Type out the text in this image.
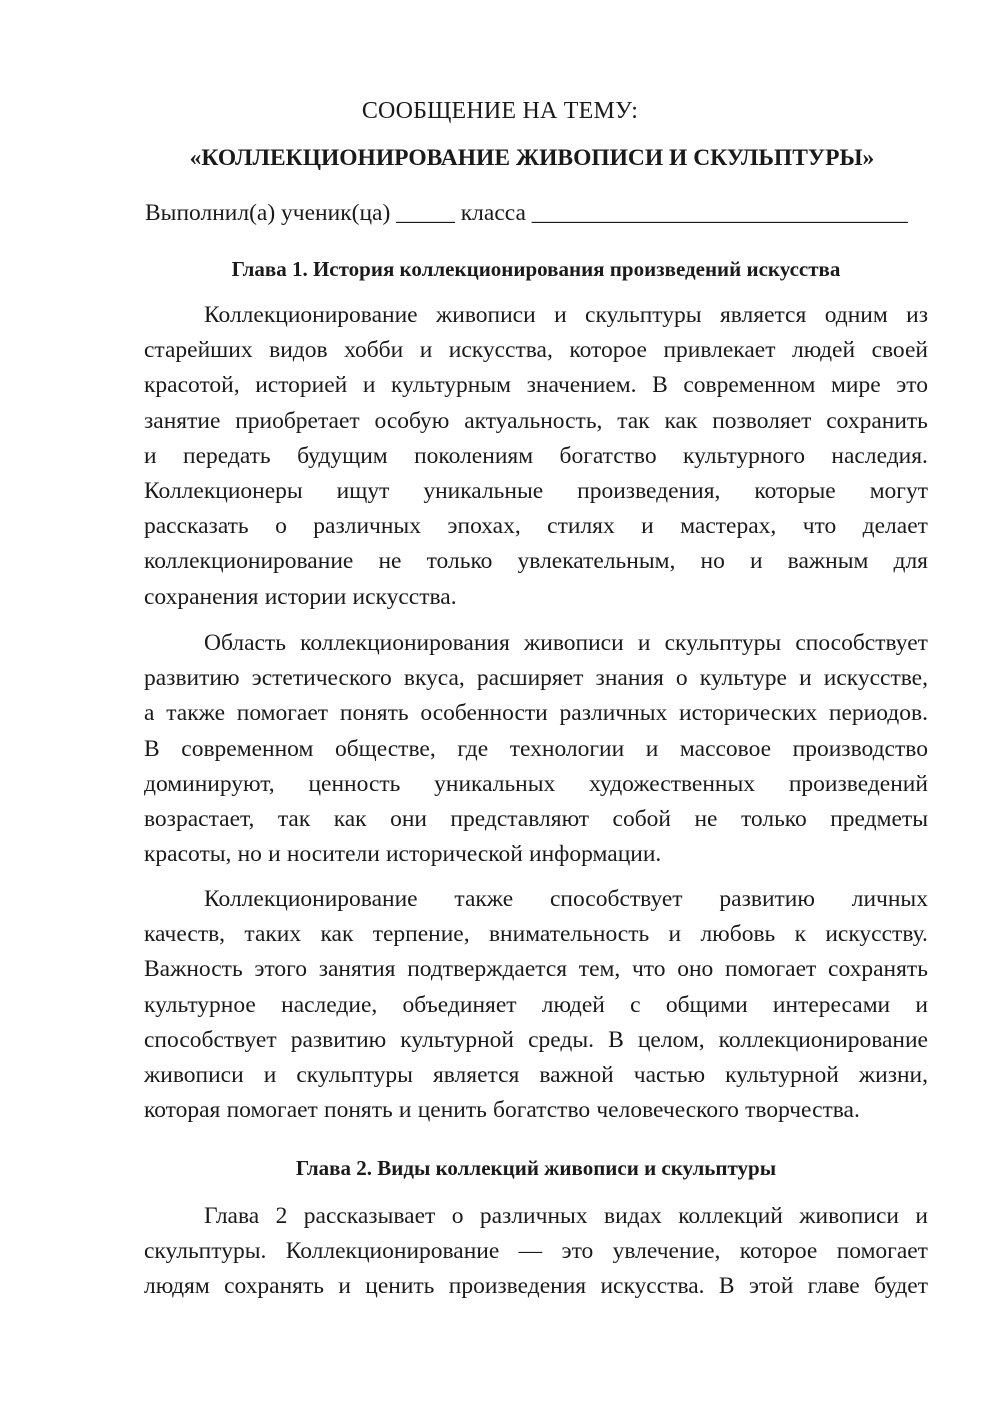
СООБЩЕНИЕ НА ТЕМУ:
«КОЛЛЕКЦИОНИРОВАНИЕ ЖИВОПИСИ И СКУЛЬПТУРЫ»
Выполнил(а) ученик(ца) _____ класса ________________________________
Глава 1. История коллекционирования произведений искусства
Коллекционирование живописи и скульптуры является одним из
старейших видов хобби и искусства, которое привлекает людей своей
красотой, историей и культурным значением. В современном мире это
занятие приобретает особую актуальность, так как позволяет сохранить
и передать будущим поколениям богатство культурного наследия.
Коллекционеры ищут уникальные произведения, которые могут
рассказать о различных эпохах, стилях и мастерах, что делает
коллекционирование не только увлекательным, но и важным для
сохранения истории искусства.
Область коллекционирования живописи и скульптуры способствует
развитию эстетического вкуса, расширяет знания о культуре и искусстве,
а также помогает понять особенности различных исторических периодов.
В современном обществе, где технологии и массовое производство
доминируют, ценность уникальных художественных произведений
возрастает, так как они представляют собой не только предметы
красоты, но и носители исторической информации.
Коллекционирование также способствует развитию личных
качеств, таких как терпение, внимательность и любовь к искусству.
Важность этого занятия подтверждается тем, что оно помогает сохранять
культурное наследие, объединяет людей с общими интересами и
способствует развитию культурной среды. В целом, коллекционирование
живописи и скульптуры является важной частью культурной жизни,
которая помогает понять и ценить богатство человеческого творчества.
Глава 2. Виды коллекций живописи и скульптуры
Глава 2 рассказывает о различных видах коллекций живописи и
скульптуры. Коллекционирование — это увлечение, которое помогает
людям сохранять и ценить произведения искусства. В этой главе будет
